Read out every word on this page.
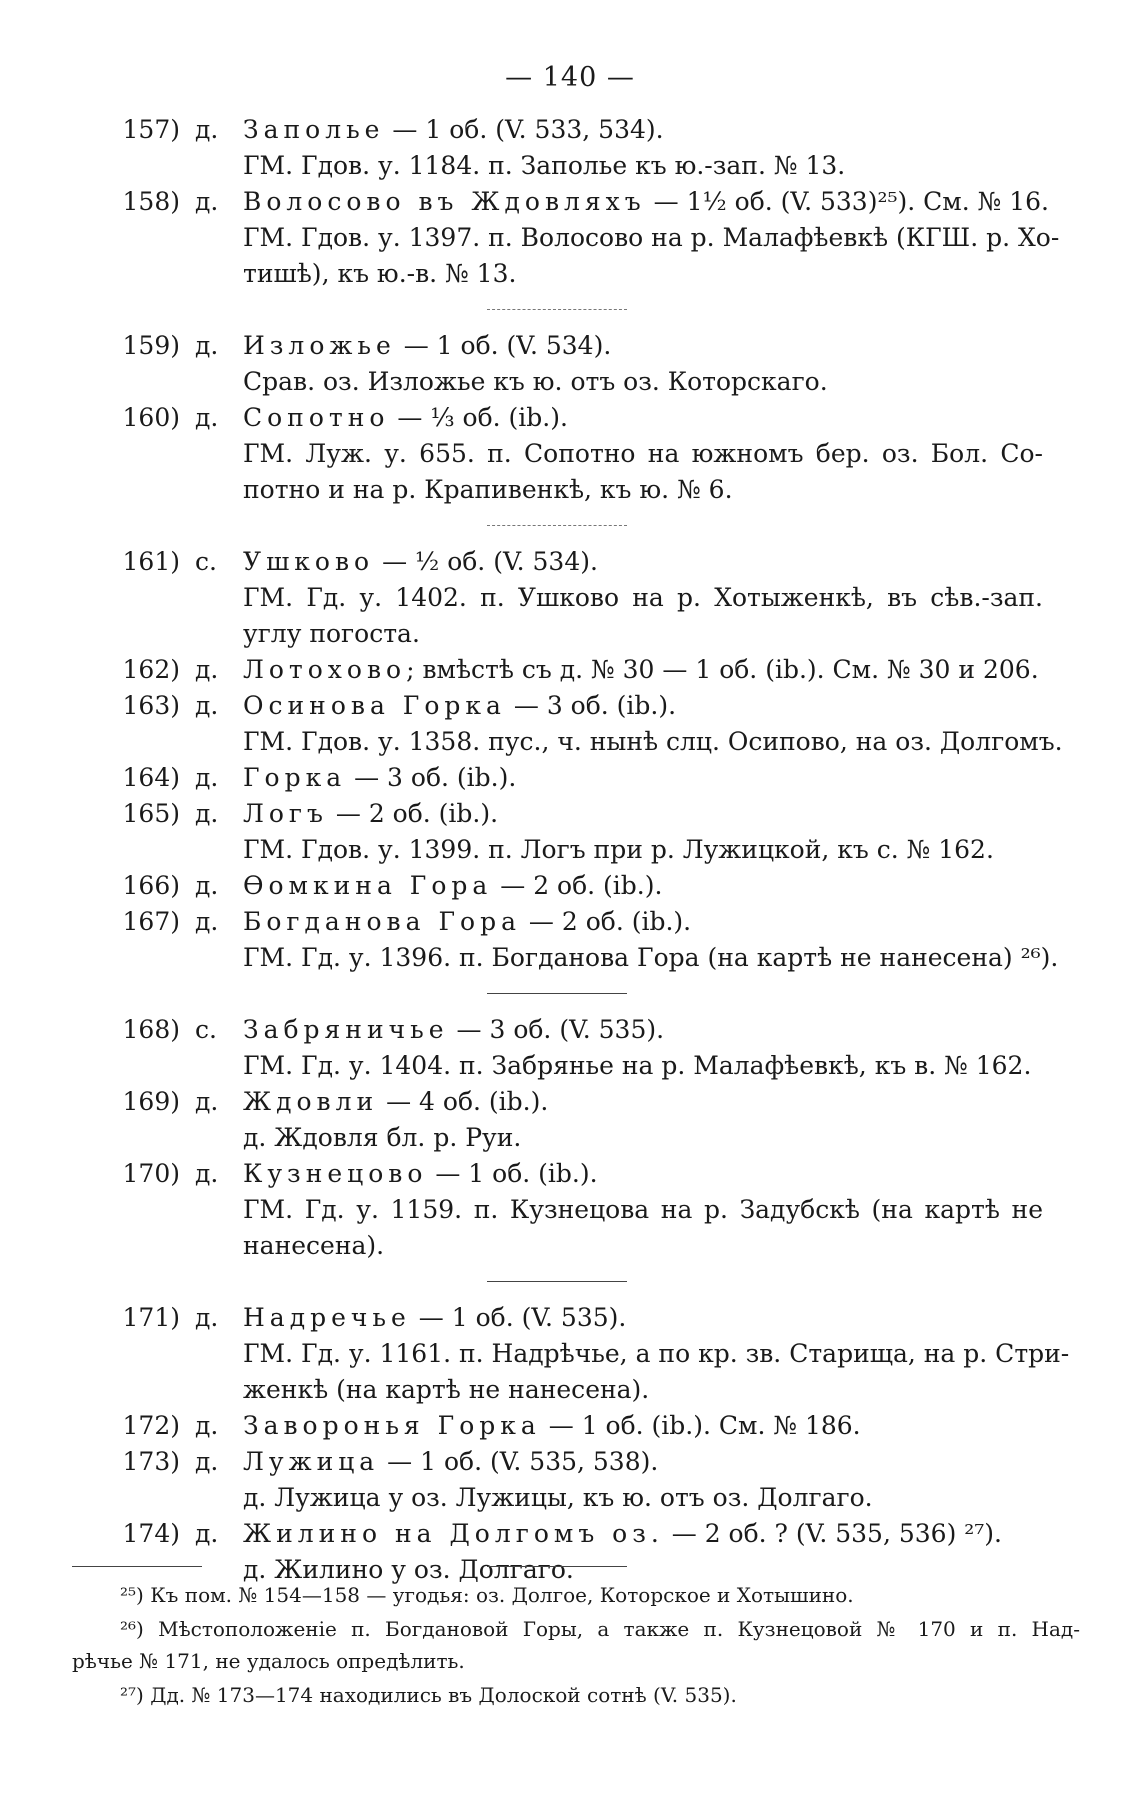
— 140 —
157) д. Заполье — 1 об. (V. 533, 534).
ГМ. Гдов. у. 1184. п. Заполье къ ю.-зап. № 13.
158) д. Волосово въ Ждовляхъ — 1½ об. (V. 533)²⁵). См. № 16.
ГМ. Гдов. у. 1397. п. Волосово на р. Малафѣевкѣ (КГШ. р. Хо-
тишѣ), къ ю.-в. № 13.
159) д. Изложье — 1 об. (V. 534).
Срав. оз. Изложье къ ю. отъ оз. Которскаго.
160) д. Сопотно — ⅓ об. (ib.).
ГМ. Луж. у. 655. п. Сопотно на южномъ бер. оз. Бол. Со-
потно и на р. Крапивенкѣ, къ ю. № 6.
161) с. Ушково — ½ об. (V. 534).
ГМ. Гд. у. 1402. п. Ушково на р. Хотыженкѣ, въ сѣв.-зап.
углу погоста.
162) д. Лотохово; вмѣстѣ съ д. № 30 — 1 об. (ib.). См. № 30 и 206.
163) д. Осинова Горка — 3 об. (ib.).
ГМ. Гдов. у. 1358. пус., ч. нынѣ слц. Осипово, на оз. Долгомъ.
164) д. Горка — 3 об. (ib.).
165) д. Логъ — 2 об. (ib.).
ГМ. Гдов. у. 1399. п. Логъ при р. Лужицкой, къ с. № 162.
166) д. Ѳомкина Гора — 2 об. (ib.).
167) д. Богданова Гора — 2 об. (ib.).
ГМ. Гд. у. 1396. п. Богданова Гора (на картѣ не нанесена) ²⁶).
168) с. Забряничье — 3 об. (V. 535).
ГМ. Гд. у. 1404. п. Забрянье на р. Малафѣевкѣ, къ в. № 162.
169) д. Ждовли — 4 об. (ib.).
д. Ждовля бл. р. Руи.
170) д. Кузнецово — 1 об. (ib.).
ГМ. Гд. у. 1159. п. Кузнецова на р. Задубскѣ (на картѣ не
нанесена).
171) д. Надречье — 1 об. (V. 535).
ГМ. Гд. у. 1161. п. Надрѣчье, а по кр. зв. Старища, на р. Стри-
женкѣ (на картѣ не нанесена).
172) д. Заворонья Горка — 1 об. (ib.). См. № 186.
173) д. Лужица — 1 об. (V. 535, 538).
д. Лужица у оз. Лужицы, къ ю. отъ оз. Долгаго.
174) д. Жилино на Долгомъ оз. — 2 об. ? (V. 535, 536) ²⁷).
д. Жилино у оз. Долгаго.
²⁵) Къ пом. № 154—158 — угодья: оз. Долгое, Которское и Хотышино.
²⁶) Мѣстоположеніе п. Богдановой Горы, а также п. Кузнецовой № 170 и п. Над-
рѣчье № 171, не удалось опредѣлить.
²⁷) Дд. № 173—174 находились въ Долоской сотнѣ (V. 535).
